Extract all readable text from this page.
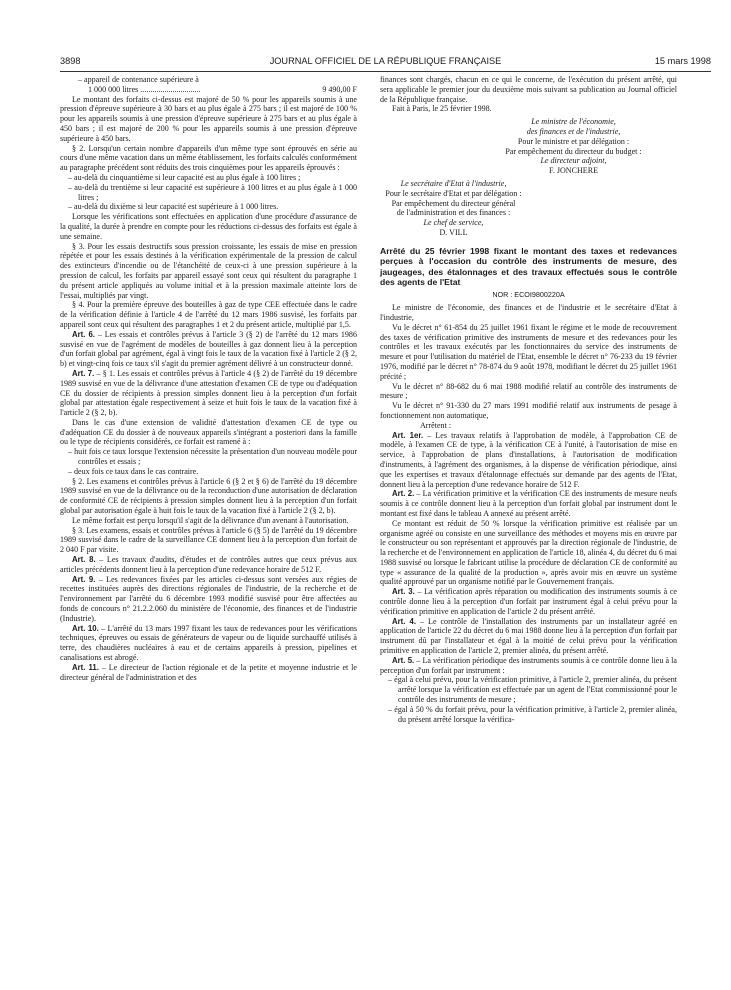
3898	JOURNAL OFFICIEL DE LA RÉPUBLIQUE FRANÇAISE	15 mars 1998

– appareil de contenance supérieure à

1 000 000 litres ..............................	9 490,00 F

Le montant des forfaits ci-dessus est majoré de 50 % pour les appareils soumis à une pression d'épreuve supérieure à 30 bars et au plus égale à 275 bars ; il est majoré de 100 % pour les appareils soumis à une pression d'épreuve supérieure à 275 bars et au plus égale à 450 bars ; il est majoré de 200 % pour les appareils soumis à une pression d'épreuve supérieure à 450 bars.

§ 2. Lorsqu'un certain nombre d'appareils d'un même type sont éprouvés en série au cours d'une même vacation dans un même établissement, les forfaits calculés conformément au paragraphe précédent sont réduits des trois cinquièmes pour les appareils éprouvés :

– au-delà du cinquantième si leur capacité est au plus égale à 100 litres ;

– au-delà du trentième si leur capacité est supérieure à 100 litres et au plus égale à 1 000 litres ;

– au-delà du dixième si leur capacité est supérieure à 1 000 litres.

Lorsque les vérifications sont effectuées en application d'une procédure d'assurance de la qualité, la durée à prendre en compte pour les réductions ci-dessus des forfaits est égale à une semaine.

§ 3. Pour les essais destructifs sous pression croissante, les essais de mise en pression répétée et pour les essais destinés à la vérification expérimentale de la pression de calcul des extincteurs d'incendie ou de l'étanchéité de ceux-ci à une pression supérieure à la pression de calcul, les forfaits par appareil essayé sont ceux qui résultent du paragraphe 1 du présent article appliqués au volume initial et à la pression maximale atteinte lors de l'essai, multipliés par vingt.

§ 4. Pour la première épreuve des bouteilles à gaz de type CEE effectuée dans le cadre de la vérification définie à l'article 4 de l'arrêté du 12 mars 1986 susvisé, les forfaits par appareil sont ceux qui résultent des paragraphes 1 et 2 du présent article, multiplié par 1,5.

Art. 6. – Les essais et contrôles prévus à l'article 3 (§ 2) de l'arrêté du 12 mars 1986 susvisé en vue de l'agrément de modèles de bouteilles à gaz donnent lieu à la perception d'un forfait global par agrément, égal à vingt fois le taux de la vacation fixé à l'article 2 (§ 2, b) et vingt-cinq fois ce taux s'il s'agit du premier agrément délivré à un constructeur donné.

Art. 7. – § 1. Les essais et contrôles prévus à l'article 4 (§ 2) de l'arrêté du 19 décembre 1989 susvisé en vue de la délivrance d'une attestation d'examen CE de type ou d'adéquation CE du dossier de récipients à pression simples donnent lieu à la perception d'un forfait global par attestation égale respectivement à seize et huit fois le taux de la vacation fixé à l'article 2 (§ 2, b).

Dans le cas d'une extension de validité d'attestation d'examen CE de type ou d'adéquation CE du dossier à de nouveaux appareils s'intégrant a posteriori dans la famille ou le type de récipients considérés, ce forfait est ramené à :

– huit fois ce taux lorsque l'extension nécessite la présentation d'un nouveau modèle pour contrôles et essais ;

– deux fois ce taux dans le cas contraire.

§ 2. Les examens et contrôles prévus à l'article 6 (§ 2 et § 6) de l'arrêté du 19 décembre 1989 susvisé en vue de la délivrance ou de la reconduction d'une autorisation de déclaration de conformité CE de récipients à pression simples donnent lieu à la perception d'un forfait global par autorisation égale à huit fois le taux de la vacation fixé à l'article 2 (§ 2, b).

Le même forfait est perçu lorsqu'il s'agit de la délivrance d'un avenant à l'autorisation.

§ 3. Les examens, essais et contrôles prévus à l'article 6 (§ 5) de l'arrêté du 19 décembre 1989 susvisé dans le cadre de la surveillance CE donnent lieu à la perception d'un forfait de 2 040 F par visite.

Art. 8. – Les travaux d'audits, d'études et de contrôles autres que ceux prévus aux articles précédents donnent lieu à la perception d'une redevance horaire de 512 F.

Art. 9. – Les redevances fixées par les articles ci-dessus sont versées aux régies de recettes instituées auprès des directions régionales de l'industrie, de la recherche et de l'environnement par l'arrêté du 6 décembre 1993 modifié susvisé pour être affectées au fonds de concours n° 21.2.2.060 du ministère de l'économie, des finances et de l'industrie (Industrie).

Art. 10. – L'arrêté du 13 mars 1997 fixant les taux de redevances pour les vérifications techniques, épreuves ou essais de générateurs de vapeur ou de liquide surchauffé utilisés à terre, des chaudières nucléaires à eau et de certains appareils à pression, pipelines et canalisations est abrogé.

Art. 11. – Le directeur de l'action régionale et de la petite et moyenne industrie et le directeur général de l'administration et des

finances sont chargés, chacun en ce qui le concerne, de l'exécution du présent arrêté, qui sera applicable le premier jour du deuxième mois suivant sa publication au Journal officiel de la République française.

Fait à Paris, le 25 février 1998.

Le ministre de l'économie,
des finances et de l'industrie,
Pour le ministre et par délégation :
Par empêchement du directeur du budget :
Le directeur adjoint,
F. JONCHERE
Le secrétaire d'Etat à l'industrie,
Pour le secrétaire d'Etat et par délégation :
Par empêchement du directeur général
de l'administration et des finances :
Le chef de service,
D. VILL
Arrêté du 25 février 1998 fixant le montant des taxes et redevances perçues à l'occasion du contrôle des instruments de mesure, des jaugeages, des étalonnages et des travaux effectués sous le contrôle des agents de l'Etat
NOR : ECOI9800220A

Le ministre de l'économie, des finances et de l'industrie et le secrétaire d'Etat à l'industrie,

Vu le décret n° 61-854 du 25 juillet 1961 fixant le régime et le mode de recouvrement des taxes de vérification primitive des instruments de mesure et des redevances pour les contrôles et les travaux exécutés par les fonctionnaires du service des instruments de mesure et pour l'utilisation du matériel de l'Etat, ensemble le décret n° 76-233 du 19 février 1976, modifié par le décret n° 78-874 du 9 août 1978, modifiant le décret du 25 juillet 1961 précité ;

Vu le décret n° 88-682 du 6 mai 1988 modifié relatif au contrôle des instruments de mesure ;

Vu le décret n° 91-330 du 27 mars 1991 modifié relatif aux instruments de pesage à fonctionnement non automatique,

Arrêtent :

Art. 1er. – Les travaux relatifs à l'approbation de modèle, à l'approbation CE de modèle, à l'examen CE de type, à la vérification CE à l'unité, à l'autorisation de mise en service, à l'approbation de plans d'installations, à l'autorisation de modification d'instruments, à l'agrément des organismes, à la dispense de vérification périodique, ainsi que les expertises et travaux d'étalonnage effectués sur demande par des agents de l'Etat, donnent lieu à la perception d'une redevance horaire de 512 F.

Art. 2. – La vérification primitive et la vérification CE des instruments de mesure neufs soumis à ce contrôle donnent lieu à la perception d'un forfait global par instrument dont le montant est fixé dans le tableau A annexé au présent arrêté.

Ce montant est réduit de 50 % lorsque la vérification primitive est réalisée par un organisme agréé ou consiste en une surveillance des méthodes et moyens mis en œuvre par le constructeur ou son représentant et approuvés par la direction régionale de l'industrie, de la recherche et de l'environnement en application de l'article 18, alinéa 4, du décret du 6 mai 1988 susvisé ou lorsque le fabricant utilise la procédure de déclaration CE de conformité au type « assurance de la qualité de la production », après avoir mis en œuvre un système qualité approuvé par un organisme notifié par le Gouvernement français.

Art. 3. – La vérification après réparation ou modification des instruments soumis à ce contrôle donne lieu à la perception d'un forfait par instrument égal à celui prévu pour la vérification primitive en application de l'article 2 du présent arrêté.

Art. 4. – Le contrôle de l'installation des instruments par un installateur agréé en application de l'article 22 du décret du 6 mai 1988 donne lieu à la perception d'un forfait par instrument dû par l'installateur et égal à la moitié de celui prévu pour la vérification primitive en application de l'article 2, premier alinéa, du présent arrêté.

Art. 5. – La vérification périodique des instruments soumis à ce contrôle donne lieu à la perception d'un forfait par instrument :

– égal à celui prévu, pour la vérification primitive, à l'article 2, premier alinéa, du présent arrêté lorsque la vérification est effectuée par un agent de l'Etat commissionné pour le contrôle des instruments de mesure ;

– égal à 50 % du forfait prévu, pour la vérification primitive, à l'article 2, premier alinéa, du présent arrêté lorsque la vérifica-
